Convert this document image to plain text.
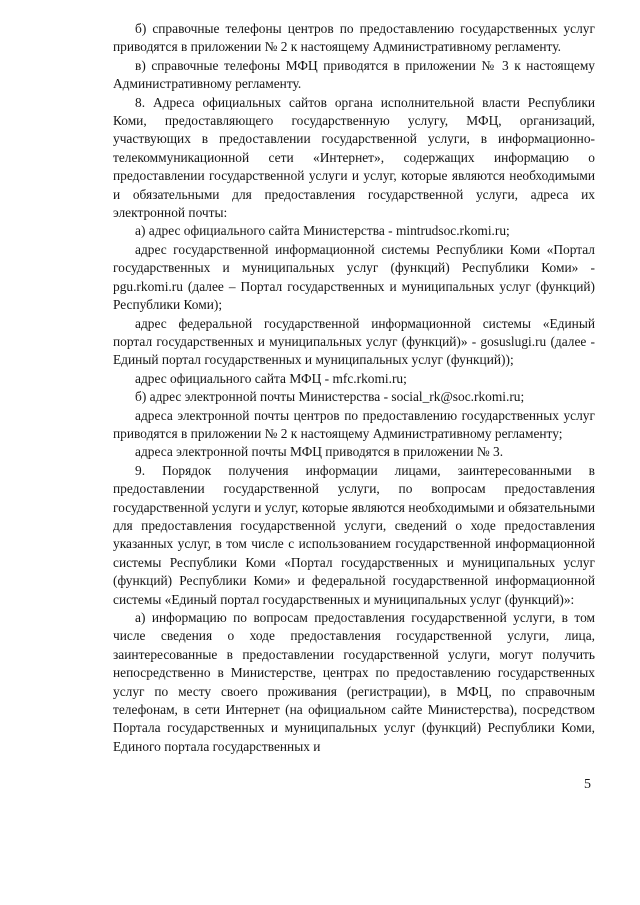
б) справочные телефоны центров по предоставлению государственных услуг приводятся в приложении № 2 к настоящему Административному регламенту.

в) справочные телефоны МФЦ приводятся в приложении № 3 к настоящему Административному регламенту.

8. Адреса официальных сайтов органа исполнительной власти Республики Коми, предоставляющего государственную услугу, МФЦ, организаций, участвующих в предоставлении государственной услуги, в информационно-телекоммуникационной сети «Интернет», содержащих информацию о предоставлении государственной услуги и услуг, которые являются необходимыми и обязательными для предоставления государственной услуги, адреса их электронной почты:

а) адрес официального сайта Министерства - mintrudsoc.rkomi.ru;

адрес государственной информационной системы Республики Коми «Портал государственных и муниципальных услуг (функций) Республики Коми» - pgu.rkomi.ru (далее – Портал государственных и муниципальных услуг (функций) Республики Коми);

адрес федеральной государственной информационной системы «Единый портал государственных и муниципальных услуг (функций)» - gosuslugi.ru (далее - Единый портал государственных и муниципальных услуг (функций));

адрес официального сайта МФЦ - mfc.rkomi.ru;

б) адрес электронной почты Министерства - social_rk@soc.rkomi.ru;

адреса электронной почты центров по предоставлению государственных услуг приводятся в приложении № 2 к настоящему Административному регламенту;

адреса электронной почты МФЦ приводятся в приложении № 3.

9. Порядок получения информации лицами, заинтересованными в предоставлении государственной услуги, по вопросам предоставления государственной услуги и услуг, которые являются необходимыми и обязательными для предоставления государственной услуги, сведений о ходе предоставления указанных услуг, в том числе с использованием государственной информационной системы Республики Коми «Портал государственных и муниципальных услуг (функций) Республики Коми» и федеральной государственной информационной системы «Единый портал государственных и муниципальных услуг (функций)»:

а) информацию по вопросам предоставления государственной услуги, в том числе сведения о ходе предоставления государственной услуги, лица, заинтересованные в предоставлении государственной услуги, могут получить непосредственно в Министерстве, центрах по предоставлению государственных услуг по месту своего проживания (регистрации), в МФЦ, по справочным телефонам, в сети Интернет (на официальном сайте Министерства), посредством Портала государственных и муниципальных услуг (функций) Республики Коми, Единого портала государственных и

5
